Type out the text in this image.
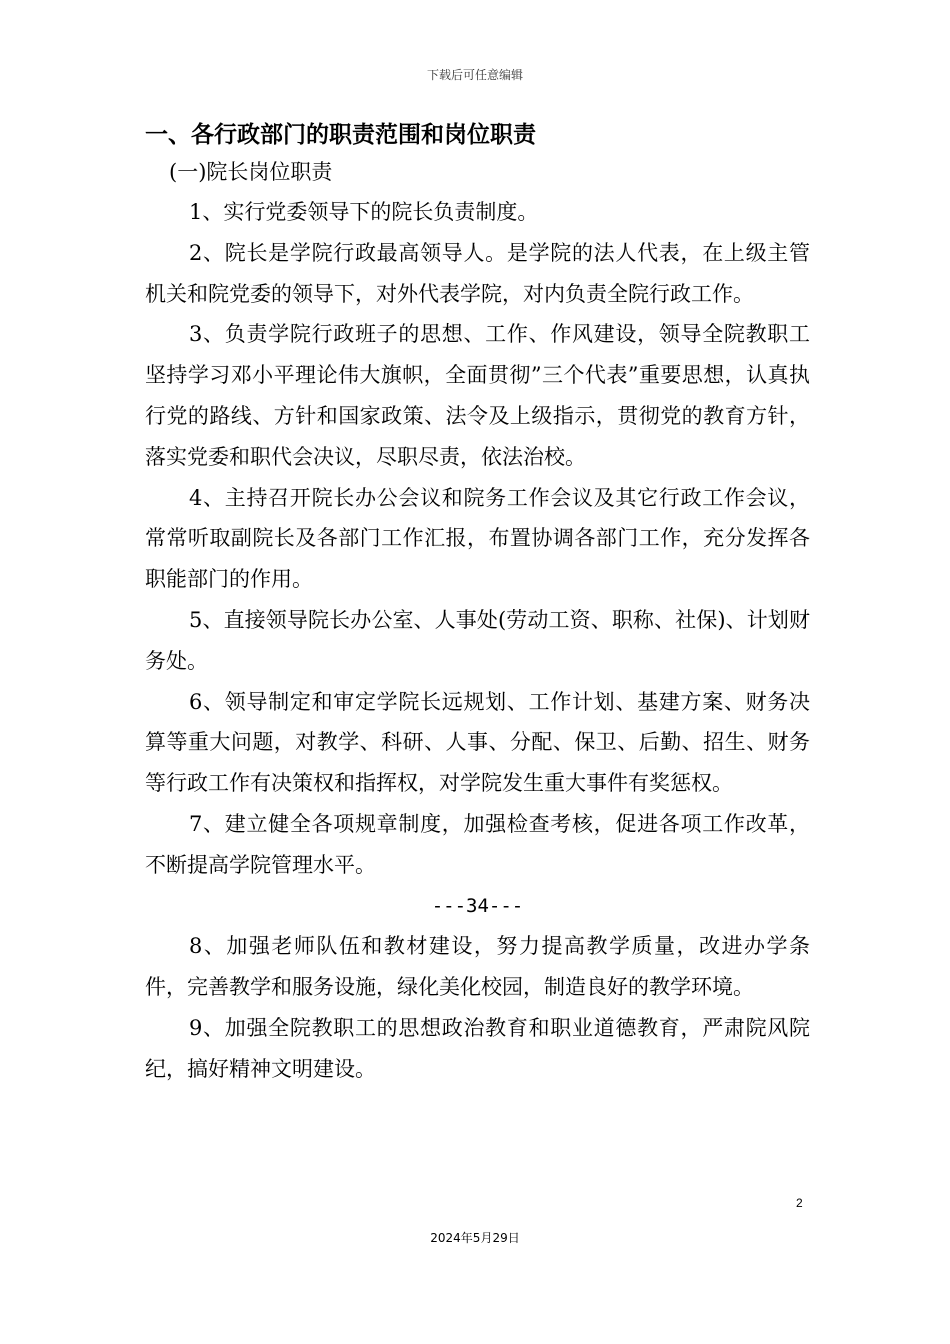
下载后可任意编辑
一、各行政部门的职责范围和岗位职责
(一)院长岗位职责
1、实行党委领导下的院长负责制度。
2、院长是学院行政最高领导人。是学院的法人代表，在上级主管机关和院党委的领导下，对外代表学院，对内负责全院行政工作。
3、负责学院行政班子的思想、工作、作风建设，领导全院教职工坚持学习邓小平理论伟大旗帜，全面贯彻”三个代表”重要思想，认真执行党的路线、方针和国家政策、法令及上级指示，贯彻党的教育方针，落实党委和职代会决议，尽职尽责，依法治校。
4、主持召开院长办公会议和院务工作会议及其它行政工作会议，常常听取副院长及各部门工作汇报，布置协调各部门工作，充分发挥各职能部门的作用。
5、直接领导院长办公室、人事处(劳动工资、职称、社保)、计划财务处。
6、领导制定和审定学院长远规划、工作计划、基建方案、财务决算等重大问题，对教学、科研、人事、分配、保卫、后勤、招生、财务等行政工作有决策权和指挥权，对学院发生重大事件有奖惩权。
7、建立健全各项规章制度，加强检查考核，促进各项工作改革，不断提高学院管理水平。
---34---
8、加强老师队伍和教材建设，努力提高教学质量，改进办学条件，完善教学和服务设施，绿化美化校园，制造良好的教学环境。
9、加强全院教职工的思想政治教育和职业道德教育，严肃院风院纪，搞好精神文明建设。
2
2024年5月29日
